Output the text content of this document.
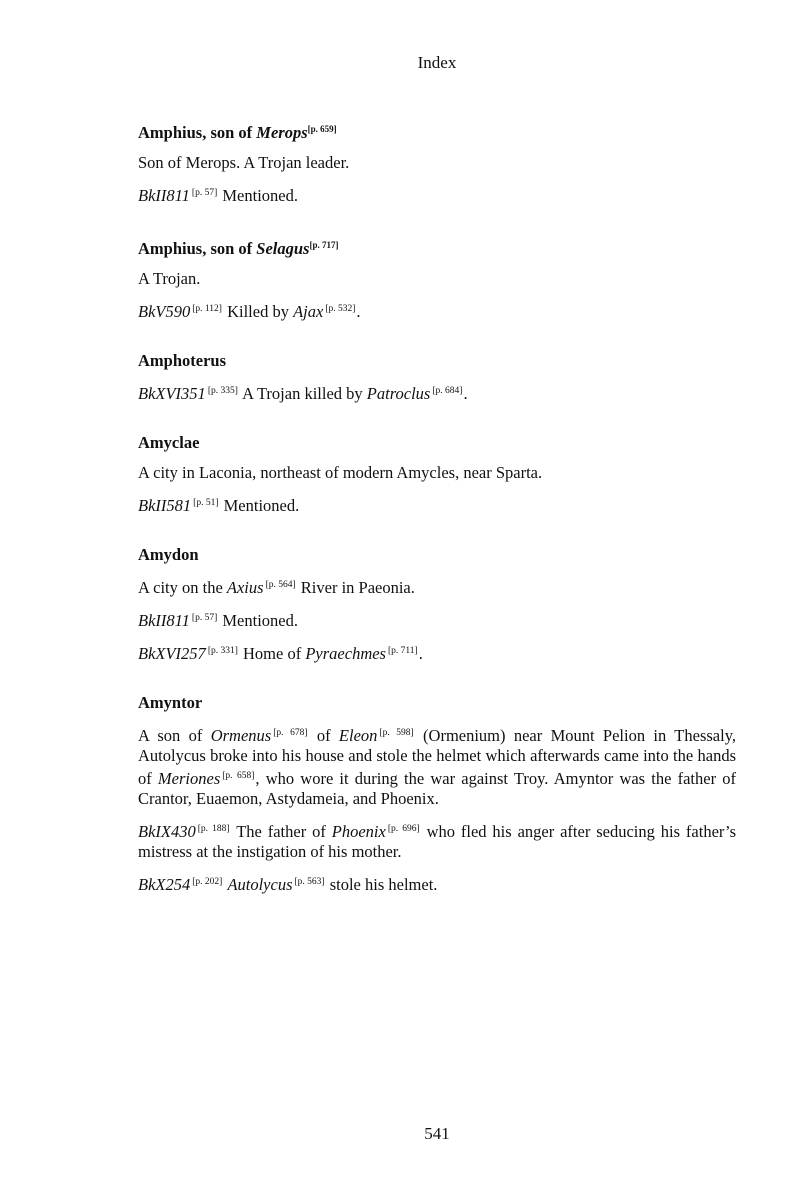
Index
Amphius, son of Merops[p. 659]

Son of Merops. A Trojan leader.

BkII811 [p. 57] Mentioned.

Amphius, son of Selagus[p. 717]

A Trojan.

BkV590 [p. 112] Killed by Ajax [p. 532].

Amphoterus

BkXVI351 [p. 335] A Trojan killed by Patroclus [p. 684].

Amyclae

A city in Laconia, northeast of modern Amycles, near Sparta.

BkII581 [p. 51] Mentioned.

Amydon

A city on the Axius [p. 564] River in Paeonia.

BkII811 [p. 57] Mentioned.

BkXVI257 [p. 331] Home of Pyraechmes [p. 711].

Amyntor

A son of Ormenus [p. 678] of Eleon [p. 598] (Ormenium) near Mount Pelion in Thessaly, Autolycus broke into his house and stole the helmet which afterwards came into the hands of Meriones [p. 658], who wore it during the war against Troy. Amyntor was the father of Crantor, Euaemon, Astydameia, and Phoenix.

BkIX430 [p. 188] The father of Phoenix [p. 696] who fled his anger after seducing his father’s mistress at the instigation of his mother.

BkX254 [p. 202] Autolycus [p. 563] stole his helmet.

541
